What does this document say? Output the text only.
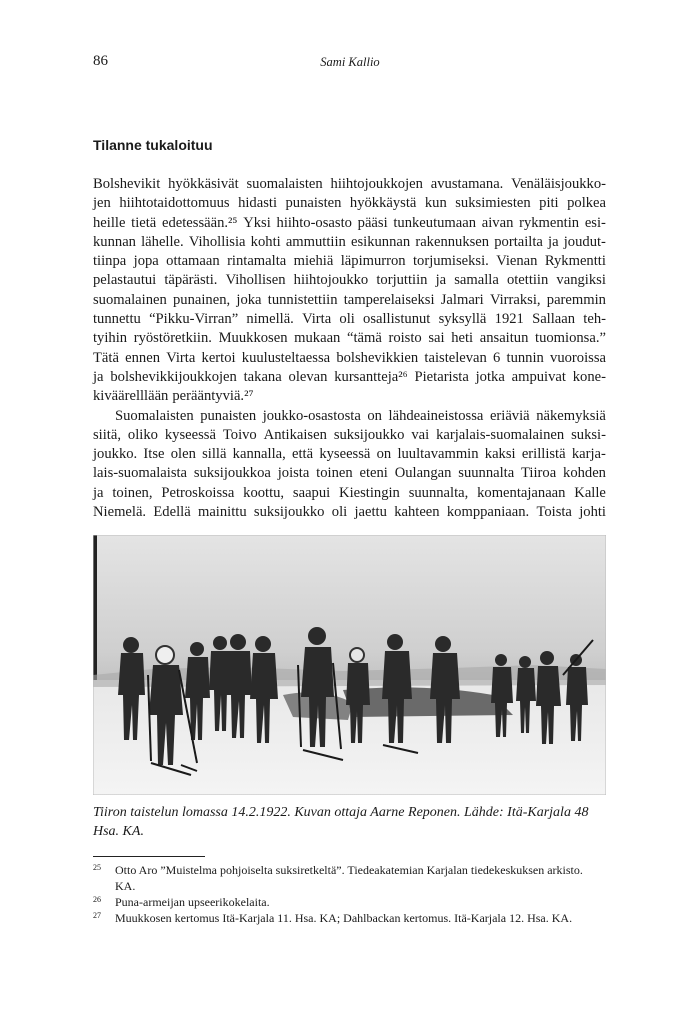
86	Sami Kallio
Tilanne tukaloituu
Bolshevikit hyökkäsivät suomalaisten hiihtojoukkojen avustamana. Venäläisjoukko-
jen hiihtotaidottomuus hidasti punaisten hyökkäystä kun suksimiesten piti polkea
heille tietä edetessään.²⁵ Yksi hiihto-osasto pääsi tunkeutumaan aivan rykmentin esi-
kunnan lähelle. Vihollisia kohti ammuttiin esikunnan rakennuksen portailta ja joudut-
tiinpa jopa ottamaan rintamalta miehiä läpimurron torjumiseksi. Vienan Rykmentti
pelastautui täpärästi. Vihollisen hiihtojoukko torjuttiin ja samalla otettiin vangiksi
suomalainen punainen, joka tunnistettiin tamperelaiseksi Jalmari Virraksi, paremmin
tunnettu “Pikku-Virran” nimellä. Virta oli osallistunut syksyllä 1921 Sallaan teh-
tyihin ryöstöretkiin. Muukkosen mukaan “tämä roisto sai heti ansaitun tuomionsa.”
Tätä ennen Virta kertoi kuulusteltaessa bolshevikkien taistelevan 6 tunnin vuoroissa
ja bolshevikkijoukkojen takana olevan kursantteja²⁶ Pietarista jotka ampuivat kone-
kiväärelllään perääntyviä.²⁷
Suomalaisten punaisten joukko-osastosta on lähdeaineistossa eriäviä näkemyksiä
siitä, oliko kyseessä Toivo Antikaisen suksijoukko vai karjalais-suomalainen suksi-
joukko. Itse olen sillä kannalla, että kyseessä on luultavammin kaksi erillistä karja-
lais-suomalaista suksijoukkoa joista toinen eteni Oulangan suunnalta Tiiroa kohden
ja toinen, Petroskoissa koottu, saapui Kiestingin suunnalta, komentajanaan Kalle
Niemelä. Edellä mainittu suksijoukko oli jaettu kahteen komppaniaan. Toista johti
Tiiron taistelun lomassa 14.2.1922. Kuvan ottaja Aarne Reponen. Lähde: Itä-Karjala 48 Hsa. KA.
25	Otto Aro ”Muistelma pohjoiselta suksiretkeltä”. Tiedeakatemian Karjalan tiedekeskuksen arkisto. KA.
26	Puna-armeijan upseerikokelaita.
27	Muukkosen kertomus Itä-Karjala 11. Hsa. KA; Dahlbackan kertomus. Itä-Karjala 12. Hsa. KA.
